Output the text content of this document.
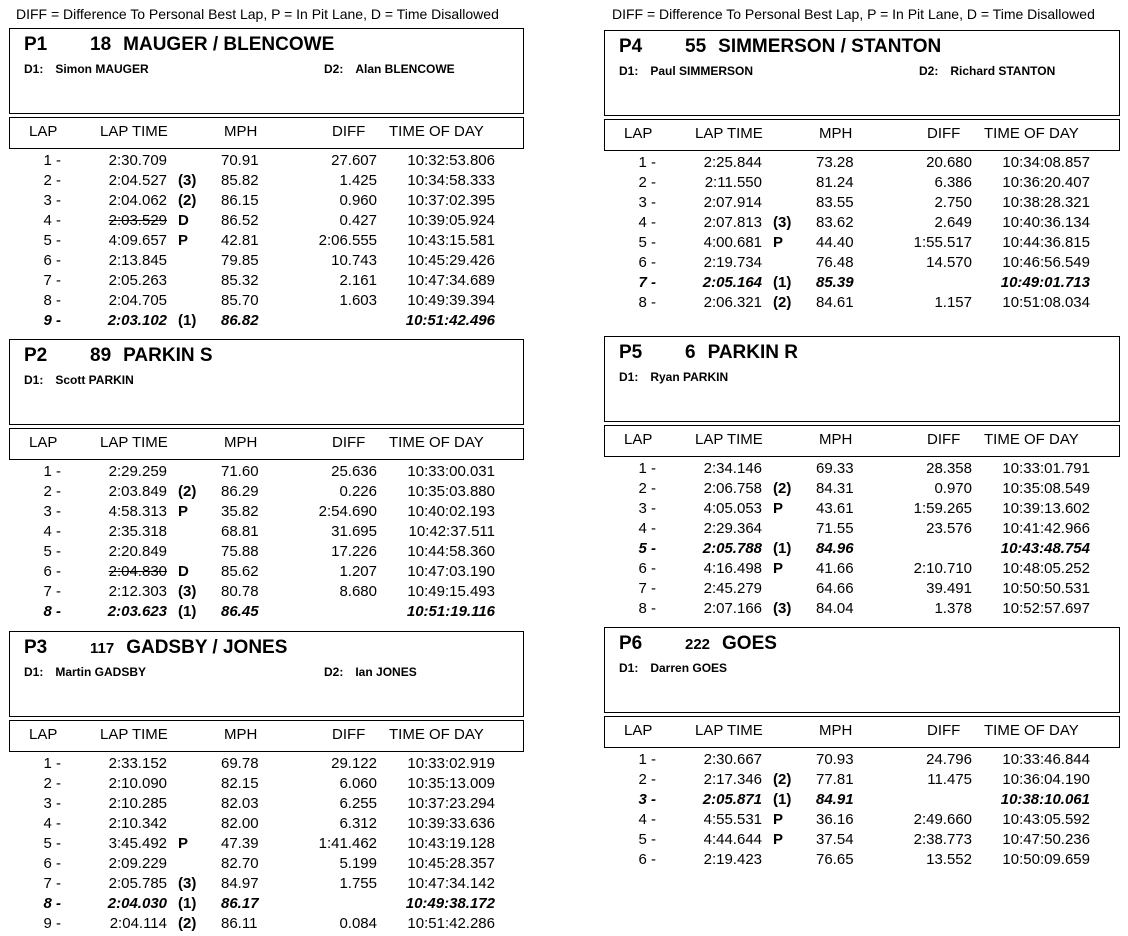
DIFF = Difference To Personal Best Lap, P = In Pit Lane, D = Time Disallowed	DIFF = Difference To Personal Best Lap, P = In Pit Lane, D = Time Disallowed
P1 18 MAUGER / BLENCOWE
D1: Simon MAUGER	D2: Alan BLENCOWE
LAP	LAP TIME	MPH	DIFF TIME OF DAY
1 -	2:30.709	70.91	27.607	10:32:53.806
2 -	2:04.527 (3) 85.82	1.425	10:34:58.333
3 -	2:04.062 (2) 86.15	0.960	10:37:02.395
4 -	2:03.529 D 86.52	0.427	10:39:05.924
5 -	4:09.657 P 42.81	2:06.555	10:43:15.581
6 -	2:13.845	79.85	10.743	10:45:29.426
7 -	2:05.263	85.32	2.161	10:47:34.689
8 -	2:04.705	85.70	1.603	10:49:39.394
9 -	2:03.102 (1) 86.82	10:51:42.496
P2 89 PARKIN S
D1: Scott PARKIN
LAP	LAP TIME	MPH	DIFF TIME OF DAY
1 -	2:29.259	71.60	25.636	10:33:00.031
2 -	2:03.849 (2) 86.29	0.226	10:35:03.880
3 -	4:58.313 P 35.82	2:54.690	10:40:02.193
4 -	2:35.318	68.81	31.695	10:42:37.511
5 -	2:20.849	75.88	17.226	10:44:58.360
6 -	2:04.830 D 85.62	1.207	10:47:03.190
7 -	2:12.303 (3) 80.78	8.680	10:49:15.493
8 -	2:03.623 (1) 86.45	10:51:19.116
P3	117 GADSBY / JONES
D1: Martin GADSBY	D2: Ian JONES
LAP	LAP TIME	MPH	DIFF TIME OF DAY
1 -	2:33.152	69.78	29.122	10:33:02.919
2 -	2:10.090	82.15	6.060	10:35:13.009
3 -	2:10.285	82.03	6.255	10:37:23.294
4 -	2:10.342	82.00	6.312	10:39:33.636
5 -	3:45.492 P 47.39	1:41.462	10:43:19.128
6 -	2:09.229	82.70	5.199	10:45:28.357
7 -	2:05.785 (3) 84.97	1.755	10:47:34.142
8 -	2:04.030 (1) 86.17	10:49:38.172
9 -	2:04.114 (2) 86.11	0.084	10:51:42.286
P4 55 SIMMERSON / STANTON
D1: Paul SIMMERSON	D2: Richard STANTON
LAP	LAP TIME	MPH	DIFF TIME OF DAY
1 -	2:25.844	73.28	20.680	10:34:08.857
2 -	2:11.550	81.24	6.386	10:36:20.407
3 -	2:07.914	83.55	2.750	10:38:28.321
4 -	2:07.813 (3) 83.62	2.649	10:40:36.134
5 -	4:00.681 P 44.40	1:55.517	10:44:36.815
6 -	2:19.734	76.48	14.570	10:46:56.549
7 -	2:05.164 (1) 85.39	10:49:01.713
8 -	2:06.321 (2) 84.61	1.157	10:51:08.034
P5 6 PARKIN R
D1: Ryan PARKIN
LAP	LAP TIME	MPH	DIFF TIME OF DAY
1 -	2:34.146	69.33	28.358	10:33:01.791
2 -	2:06.758 (2) 84.31	0.970	10:35:08.549
3 -	4:05.053 P 43.61	1:59.265	10:39:13.602
4 -	2:29.364	71.55	23.576	10:41:42.966
5 -	2:05.788 (1) 84.96	10:43:48.754
6 -	4:16.498 P 41.66	2:10.710	10:48:05.252
7 -	2:45.279	64.66	39.491	10:50:50.531
8 -	2:07.166 (3) 84.04	1.378	10:52:57.697
P6	222 GOES
D1: Darren GOES
LAP	LAP TIME	MPH	DIFF TIME OF DAY
1 -	2:30.667	70.93	24.796	10:33:46.844
2 -	2:17.346 (2) 77.81	11.475	10:36:04.190
3 -	2:05.871 (1) 84.91	10:38:10.061
4 -	4:55.531 P 36.16	2:49.660	10:43:05.592
5 -	4:44.644 P 37.54	2:38.773	10:47:50.236
6 -	2:19.423	76.65	13.552	10:50:09.659
